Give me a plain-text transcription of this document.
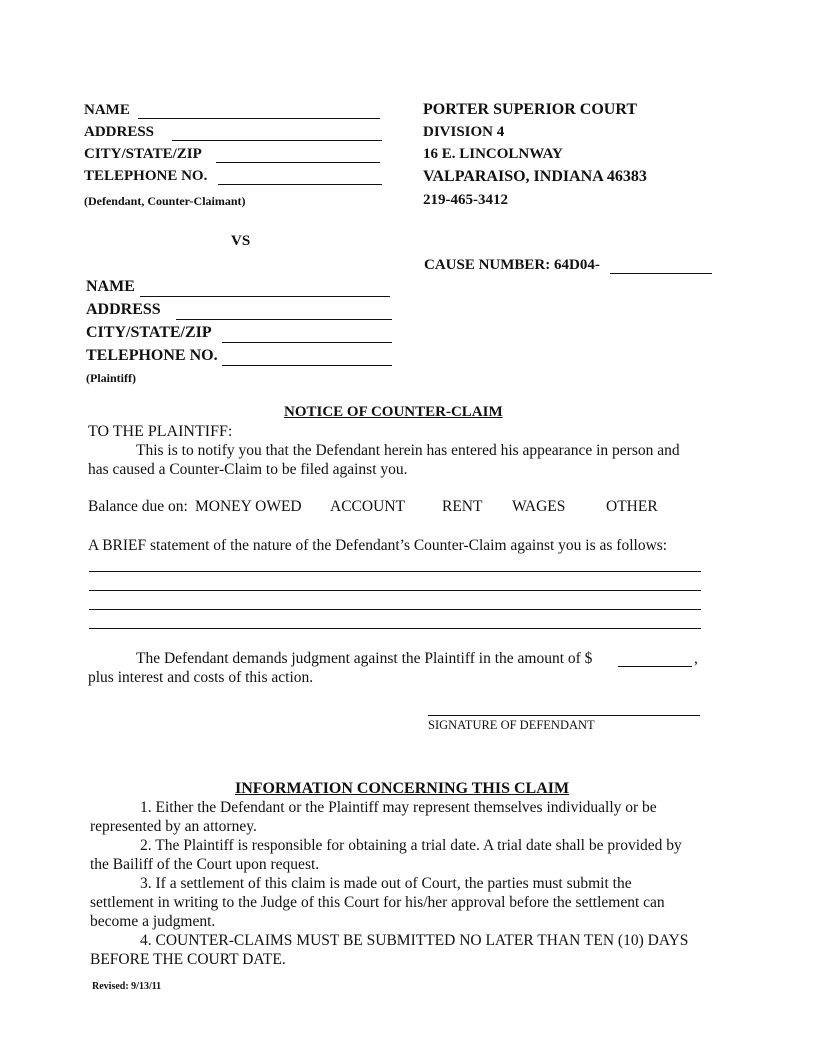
NAME
ADDRESS
CITY/STATE/ZIP
TELEPHONE NO.
(Defendant, Counter-Claimant)
PORTER SUPERIOR COURT
DIVISION 4
16 E. LINCOLNWAY
VALPARAISO, INDIANA 46383
219-465-3412
VS
CAUSE NUMBER: 64D04-
NAME
ADDRESS
CITY/STATE/ZIP
TELEPHONE NO.
(Plaintiff)
NOTICE OF COUNTER-CLAIM
TO THE PLAINTIFF:
This is to notify you that the Defendant herein has entered his appearance in person and
has caused a Counter-Claim to be filed against you.
Balance due on: MONEY OWED ACCOUNT RENT WAGES	OTHER
A BRIEF statement of the nature of the Defendant’s Counter-Claim against you is as follows:
The Defendant demands judgment against the Plaintiff in the amount of $	,
plus interest and costs of this action.
SIGNATURE OF DEFENDANT
INFORMATION CONCERNING THIS CLAIM
1. Either the Defendant or the Plaintiff may represent themselves individually or be
represented by an attorney.
2. The Plaintiff is responsible for obtaining a trial date. A trial date shall be provided by
the Bailiff of the Court upon request.
3. If a settlement of this claim is made out of Court, the parties must submit the
settlement in writing to the Judge of this Court for his/her approval before the settlement can
become a judgment.
4. COUNTER-CLAIMS MUST BE SUBMITTED NO LATER THAN TEN (10) DAYS
BEFORE THE COURT DATE.
Revised: 9/13/11
